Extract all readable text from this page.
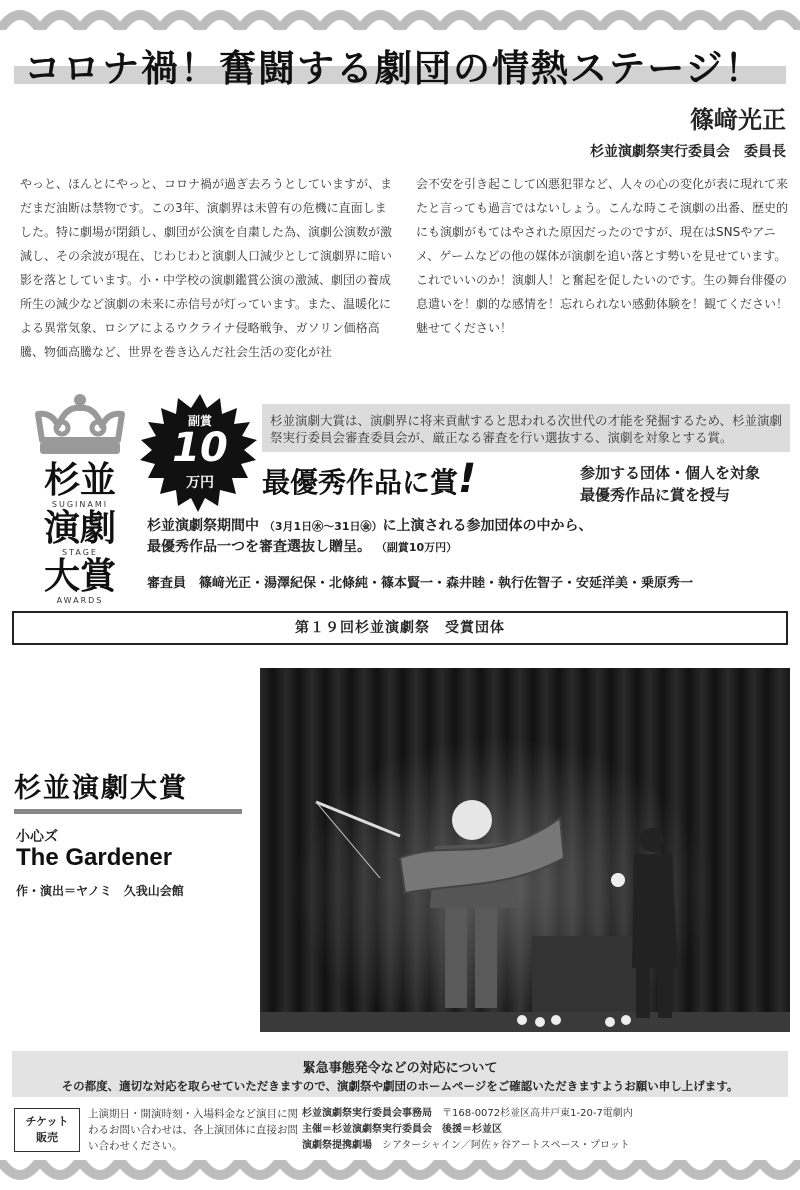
コロナ禍！奮闘する劇団の情熱ステージ！
篠﨑光正
杉並演劇祭実行委員会　委員長
やっと、ほんとにやっと、コロナ禍が過ぎ去ろうとしていますが、まだまだ油断は禁物です。この3年、演劇界は未曾有の危機に直面しました。特に劇場が閉鎖し、劇団が公演を自粛した為、演劇公演数が激減し、その余波が現在、じわじわと演劇人口減少として演劇界に暗い影を落としています。小・中学校の演劇鑑賞公演の激減、劇団の養成所生の減少など演劇の未来に赤信号が灯っています。また、温暖化による異常気象、ロシアによるウクライナ侵略戦争、ガソリン価格高騰、物価高騰など、世界を巻き込んだ社会生活の変化が社
会不安を引き起こして凶悪犯罪など、人々の心の変化が表に現れて来たと言っても過言ではないしょう。こんな時こそ演劇の出番、歴史的にも演劇がもてはやされた原因だったのですが、現在はSNSやアニメ、ゲームなどの他の媒体が演劇を追い落とす勢いを見せています。これでいいのか！演劇人！と奮起を促したいのです。生の舞台俳優の息遣いを！劇的な感情を！忘れられない感動体験を！観てください！魅せてください！
杉並
SUGINAMI
演劇
STAGE
大賞
AWARDS
副賞
10
万円
杉並演劇大賞は、演劇界に将来貢献すると思われる次世代の才能を発掘するため、杉並演劇祭実行委員会審査委員会が、厳正なる審査を行い選抜する、演劇を対象とする賞。
最優秀作品に賞!	参加する団体・個人を対象
最優秀作品に賞を授与
杉並演劇祭期間中 （3月1日㊌～31日㊎）に上演される参加団体の中から、
最優秀作品一つを審査選抜し贈呈。 （副賞10万円）
審査員　篠﨑光正・湯澤紀保・北條純・篠本賢一・森井睦・執行佐智子・安延洋美・乗原秀一
第１９回杉並演劇祭　受賞団体
杉並演劇大賞
小心ズ
The Gardener
作・演出＝ヤノミ　久我山会館
緊急事態発令などの対応について
その都度、適切な対応を取らせていただきますので、演劇祭や劇団のホームページをご確認いただきますようお願い申し上げます。
チケット
販売
上演期日・開演時刻・入場料金など演目に関わるお問い合わせは、各上演団体に直接お問い合わせください。
杉並演劇祭実行委員会事務局　 〒168-0072杉並区高井戸東1-20-7電劇内
主催＝杉並演劇祭実行委員会　後援＝杉並区
演劇祭提携劇場　 シアターシャイン／阿佐ヶ谷アートスペース・プロット
